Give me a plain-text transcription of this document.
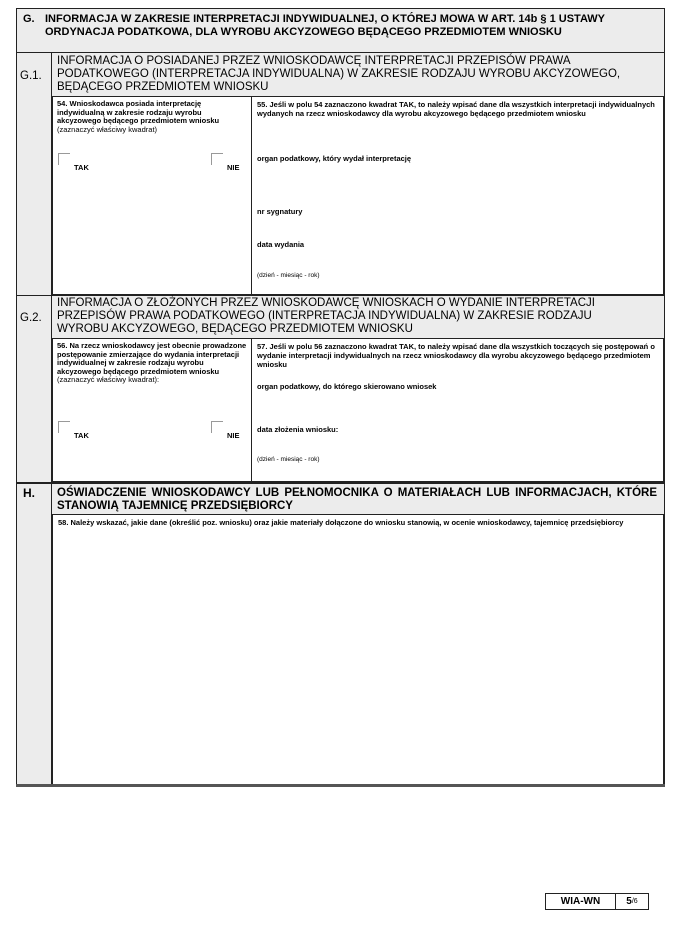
G. INFORMACJA W ZAKRESIE INTERPRETACJI INDYWIDUALNEJ, O KTÓREJ MOWA W ART. 14b § 1 USTAWY ORDYNACJA PODATKOWA, DLA WYROBU AKCYZOWEGO BĘDĄCEGO PRZEDMIOTEM WNIOSKU
G.1.
INFORMACJA O POSIADANEJ PRZEZ WNIOSKODAWCĘ INTERPRETACJI PRZEPISÓW PRAWA PODATKOWEGO (INTERPRETACJA INDYWIDUALNA) W ZAKRESIE RODZAJU WYROBU AKCYZOWEGO, BĘDĄCEGO PRZEDMIOTEM WNIOSKU
54. Wnioskodawca posiada interpretację indywidualną w zakresie rodzaju wyrobu akcyzowego będącego przedmiotem wniosku (zaznaczyć właściwy kwadrat)
TAK	NIE
55. Jeśli w polu 54 zaznaczono kwadrat TAK, to należy wpisać dane dla wszystkich interpretacji indywidualnych wydanych na rzecz wnioskodawcy dla wyrobu akcyzowego będącego przedmiotem wniosku
organ podatkowy, który wydał interpretację
nr sygnatury
data wydania
(dzień - miesiąc - rok)
G.2.
INFORMACJA O ZŁOŻONYCH PRZEZ WNIOSKODAWCĘ WNIOSKACH O WYDANIE INTERPRETACJI PRZEPISÓW PRAWA PODATKOWEGO (INTERPRETACJA INDYWIDUALNA) W ZAKRESIE RODZAJU WYROBU AKCYZOWEGO, BĘDĄCEGO PRZEDMIOTEM WNIOSKU
56. Na rzecz wnioskodawcy jest obecnie prowadzone postępowanie zmierzające do wydania interpretacji indywidualnej w zakresie rodzaju wyrobu akcyzowego będącego przedmiotem wniosku (zaznaczyć właściwy kwadrat):
TAK	NIE
57. Jeśli w polu 56 zaznaczono kwadrat TAK, to należy wpisać dane dla wszystkich toczących się postępowań o wydanie interpretacji indywidualnych na rzecz wnioskodawcy dla wyrobu akcyzowego będącego przedmiotem wniosku
organ podatkowy, do którego skierowano wniosek
data złożenia wniosku:
(dzień - miesiąc - rok)
H. OŚWIADCZENIE WNIOSKODAWCY LUB PEŁNOMOCNIKA O MATERIAŁACH LUB INFORMACJACH, KTÓRE STANOWIĄ TAJEMNICĘ PRZEDSIĘBIORCY
58. Należy wskazać, jakie dane (określić poz. wniosku) oraz jakie materiały dołączone do wniosku stanowią, w ocenie wnioskodawcy, tajemnicę przedsiębiorcy
WIA-WN	5 /6
